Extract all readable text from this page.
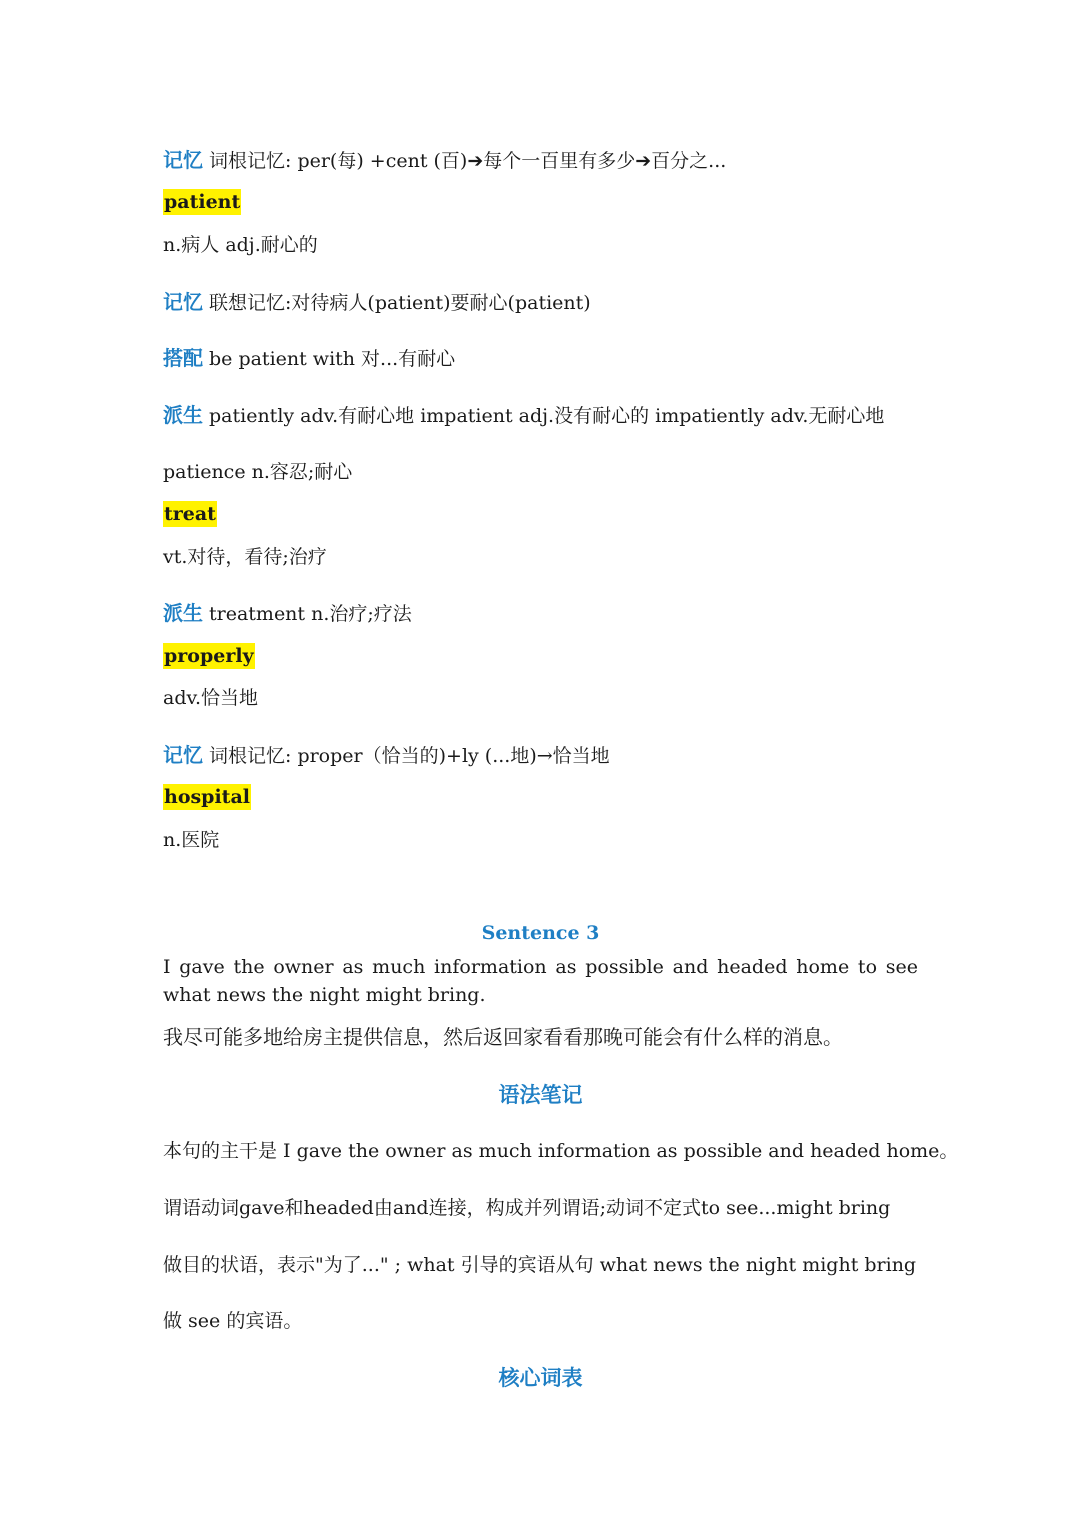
记忆 词根记忆: per(每) +cent (百)➔每个一百里有多少➔百分之...
patient
n.病人 adj.耐心的
记忆 联想记忆:对待病人(patient)要耐心(patient)
搭配 be patient with 对...有耐心
派生 patiently adv.有耐心地 impatient adj.没有耐心的 impatiently adv.无耐心地
patience n.容忍;耐心
treat
vt.对待，看待;治疗
派生 treatment n.治疗;疗法
properly
adv.恰当地
记忆 词根记忆: proper（恰当的)+ly (...地)→恰当地
hospital
n.医院
Sentence 3
I gave the owner as much information as possible and headed home to see what news the night might bring.
我尽可能多地给房主提供信息，然后返回家看看那晚可能会有什么样的消息。
语法笔记
本句的主干是 I gave the owner as much information as possible and headed home。
谓语动词gave和headed由and连接，构成并列谓语;动词不定式to see...might bring
做目的状语，表示"为了..." ; what 引导的宾语从句 what news the night might bring
做 see 的宾语。
核心词表
